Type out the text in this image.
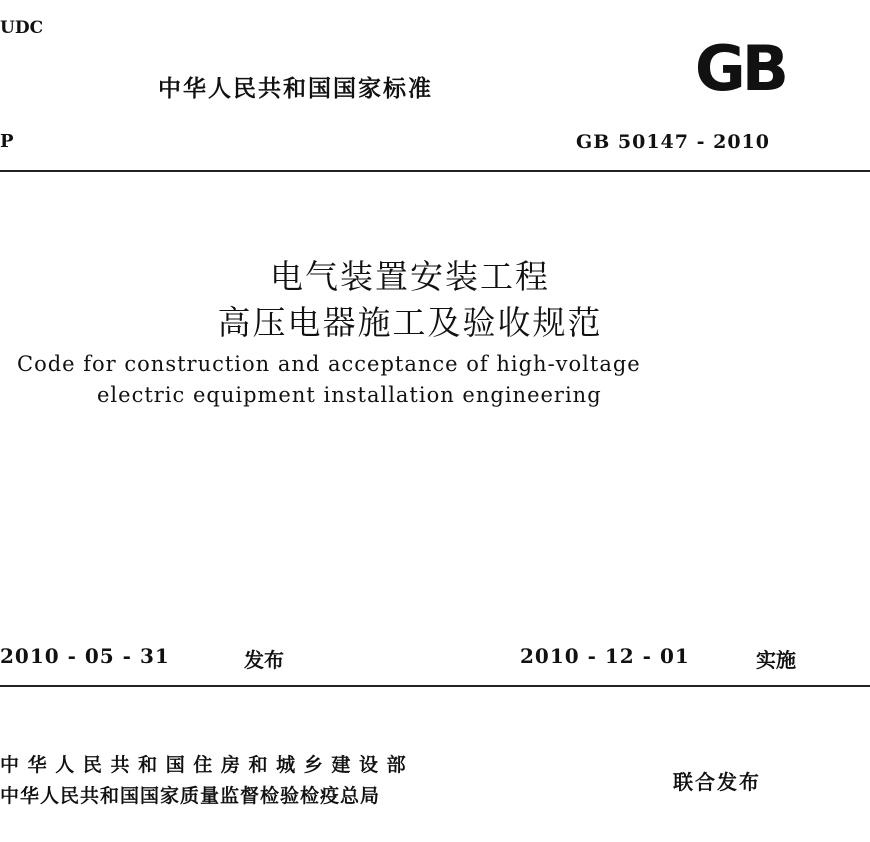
UDC
中华人民共和国国家标准	GB
P	GB 50147 - 2010
电气装置安装工程
高压电器施工及验收规范
Code for construction and acceptance of high-voltage
electric equipment installation engineering
2010 - 05 - 31	发布	2010 - 12 - 01	实施
中 华 人 民 共 和 国 住 房 和 城 乡 建 设 部
中华人民共和国国家质量监督检验检疫总局
联合发布
